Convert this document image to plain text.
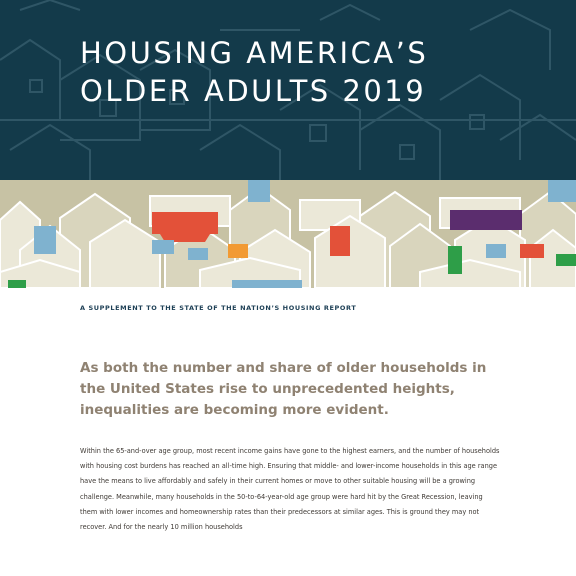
HOUSING AMERICA’S
OLDER ADULTS 2019
A SUPPLEMENT TO THE STATE OF THE NATION’S HOUSING REPORT

As both the number and share of older households in the United States rise to unprecedented heights, inequalities are becoming more evident.

Within the 65-and-over age group, most recent income gains have gone to the highest earners, and the number of households with housing cost burdens has reached an all-time high. Ensuring that middle- and lower-income households in this age range have the means to live affordably and safely in their current homes or move to other suitable housing will be a growing challenge. Meanwhile, many households in the 50-to-64-year-old age group were hard hit by the Great Recession, leaving them with lower incomes and homeownership rates than their predecessors at similar ages. This is ground they may not recover. And for the nearly 10 million households
